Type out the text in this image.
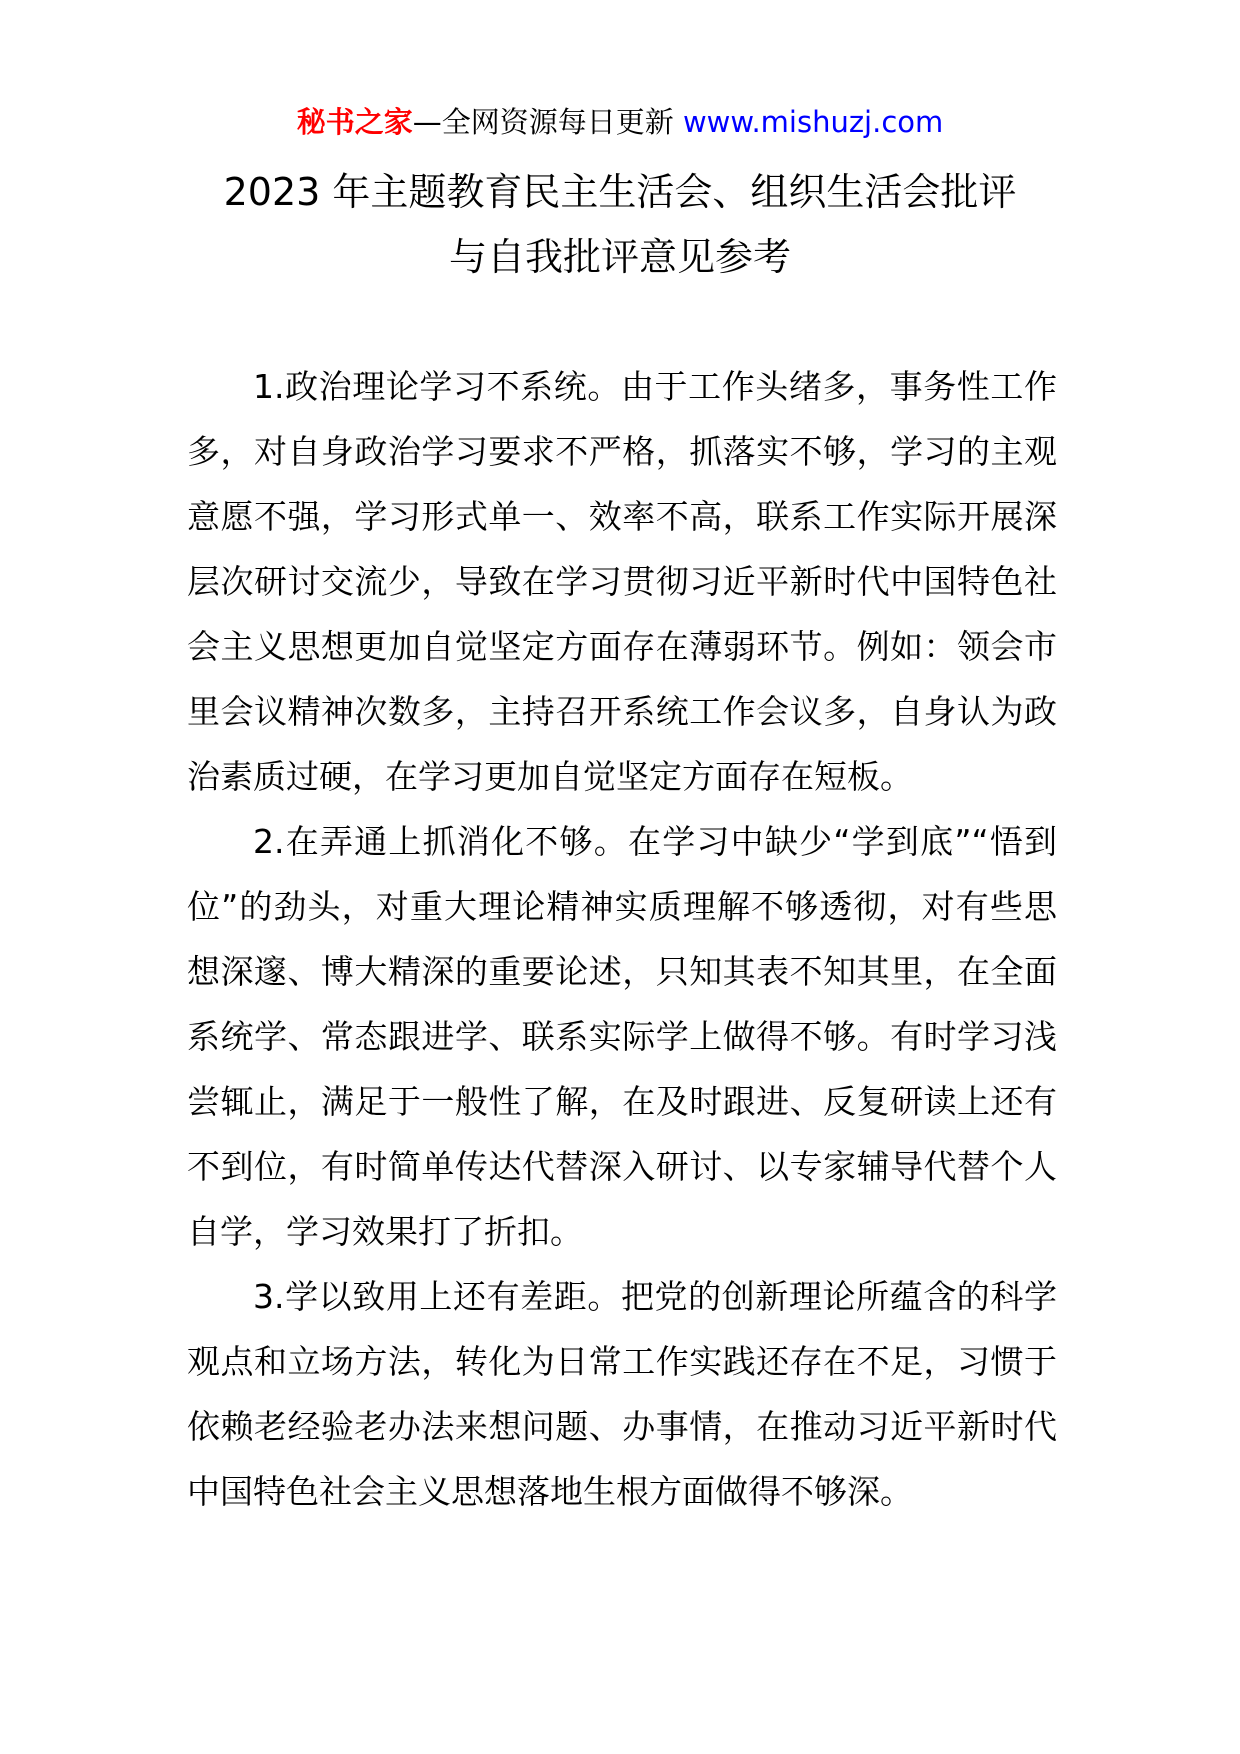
秘书之家—全网资源每日更新 www.mishuzj.com
2023 年主题教育民主生活会、组织生活会批评
与自我批评意见参考

1.政治理论学习不系统。由于工作头绪多，事务性工作多，对自身政治学习要求不严格，抓落实不够，学习的主观意愿不强，学习形式单一、效率不高，联系工作实际开展深层次研讨交流少，导致在学习贯彻习近平新时代中国特色社会主义思想更加自觉坚定方面存在薄弱环节。例如：领会市里会议精神次数多，主持召开系统工作会议多，自身认为政治素质过硬，在学习更加自觉坚定方面存在短板。

2.在弄通上抓消化不够。在学习中缺少“学到底”“悟到位”的劲头，对重大理论精神实质理解不够透彻，对有些思想深邃、博大精深的重要论述，只知其表不知其里，在全面系统学、常态跟进学、联系实际学上做得不够。有时学习浅尝辄止，满足于一般性了解，在及时跟进、反复研读上还有不到位，有时简单传达代替深入研讨、以专家辅导代替个人自学，学习效果打了折扣。

3.学以致用上还有差距。把党的创新理论所蕴含的科学观点和立场方法，转化为日常工作实践还存在不足，习惯于依赖老经验老办法来想问题、办事情，在推动习近平新时代中国特色社会主义思想落地生根方面做得不够深。
